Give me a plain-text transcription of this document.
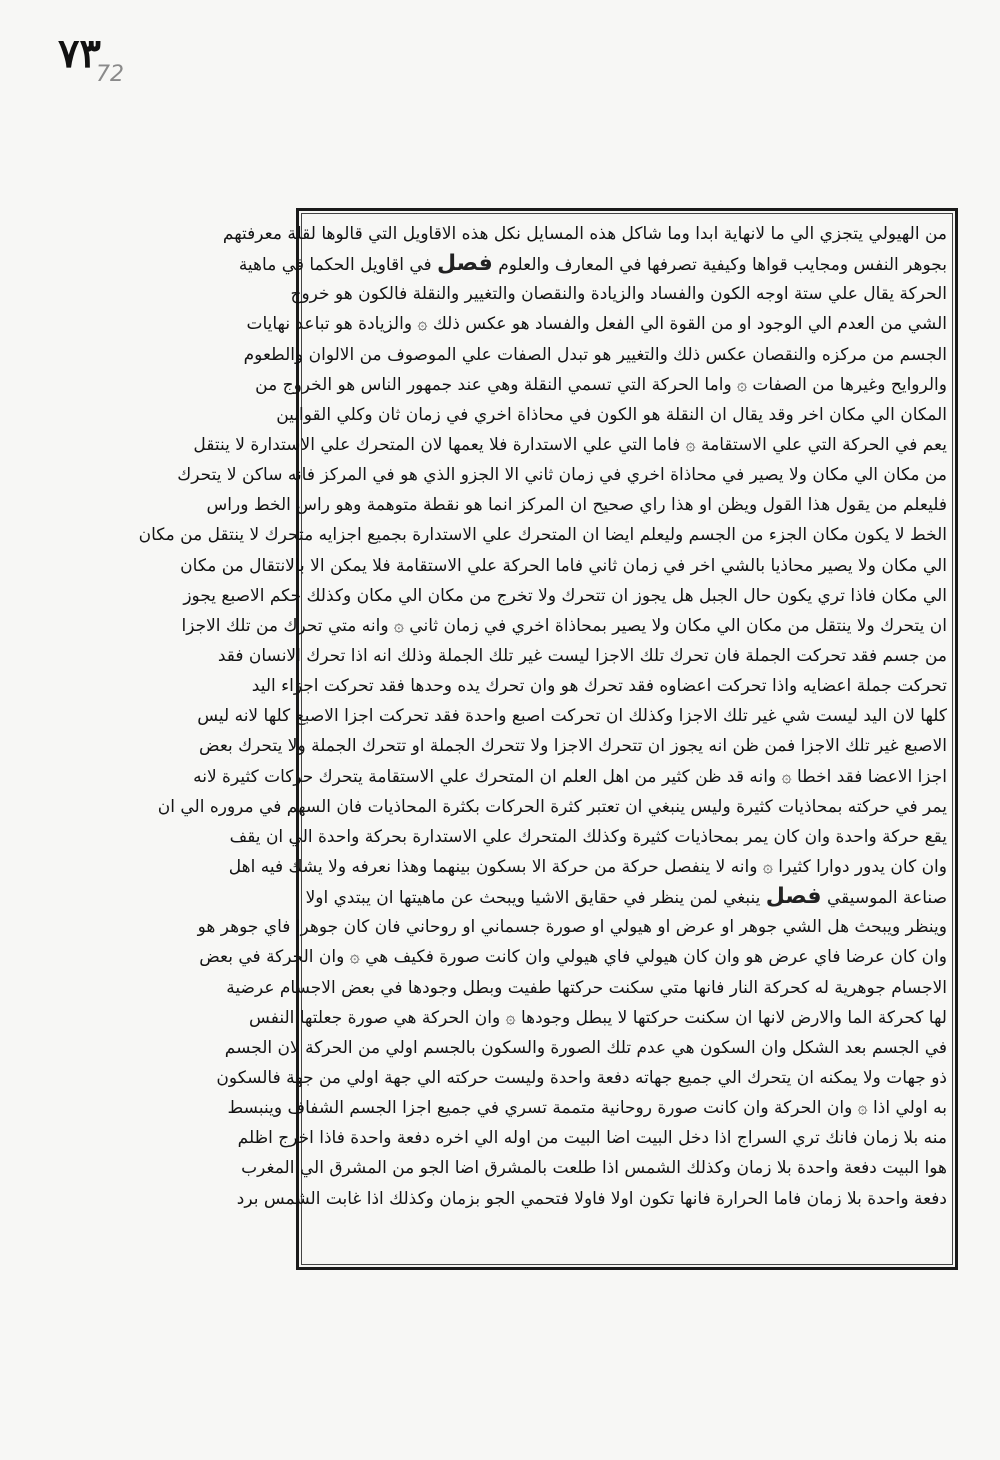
٧٣
72
من الهيولي يتجزي الي ما لانهاية ابدا وما شاكل هذه المسايل نكل هذه الاقاويل التي قالوها لقلة معرفتهم
بجوهر النفس ومجايب قواها وكيفية تصرفها في المعارف والعلوم فصل في اقاويل الحكما في ماهية
الحركة يقال علي ستة اوجه الكون والفساد والزيادة والنقصان والتغيير والنقلة فالكون هو خروج
الشي من العدم الي الوجود او من القوة الي الفعل والفساد هو عكس ذلك ۞ والزيادة هو تباعد نهايات
الجسم من مركزه والنقصان عكس ذلك والتغيير هو تبدل الصفات علي الموصوف من الالوان والطعوم
والروايح وغيرها من الصفات ۞ واما الحركة التي تسمي النقلة وهي عند جمهور الناس هو الخروج من
المكان الي مكان اخر وقد يقال ان النقلة هو الكون في محاذاة اخري في زمان ثان وكلي القوابين
يعم في الحركة التي علي الاستقامة ۞ فاما التي علي الاستدارة فلا يعمها لان المتحرك علي الاستدارة لا ينتقل
من مكان الي مكان ولا يصير في محاذاة اخري في زمان ثاني الا الجزو الذي هو في المركز فانه ساكن لا يتحرك
فليعلم من يقول هذا القول ويظن او هذا راي صحيح ان المركز انما هو نقطة متوهمة وهو راس الخط وراس
الخط لا يكون مكان الجزء من الجسم وليعلم ايضا ان المتحرك علي الاستدارة بجميع اجزايه متحرك لا ينتقل من مكان
الي مكان ولا يصير محاذيا بالشي اخر في زمان ثاني فاما الحركة علي الاستقامة فلا يمكن الا بالانتقال من مكان
الي مكان فاذا تري يكون حال الجبل هل يجوز ان تتحرك ولا تخرج من مكان الي مكان وكذلك حكم الاصبع يجوز
ان يتحرك ولا ينتقل من مكان الي مكان ولا يصير بمحاذاة اخري في زمان ثاني ۞ وانه متي تحرك من تلك الاجزا
من جسم فقد تحركت الجملة فان تحرك تلك الاجزا ليست غير تلك الجملة وذلك انه اذا تحرك الانسان فقد
تحركت جملة اعضايه واذا تحركت اعضاوه فقد تحرك هو وان تحرك يده وحدها فقد تحركت اجزاء اليد
كلها لان اليد ليست شي غير تلك الاجزا وكذلك ان تحركت اصبع واحدة فقد تحركت اجزا الاصبع كلها لانه ليس
الاصبع غير تلك الاجزا فمن ظن انه يجوز ان تتحرك الاجزا ولا تتحرك الجملة او تتحرك الجملة ولا يتحرك بعض
اجزا الاعضا فقد اخطا ۞ وانه قد ظن كثير من اهل العلم ان المتحرك علي الاستقامة يتحرك حركات كثيرة لانه
يمر في حركته بمحاذيات كثيرة وليس ينبغي ان تعتبر كثرة الحركات بكثرة المحاذيات فان السهم في مروره الي ان
يقع حركة واحدة وان كان يمر بمحاذيات كثيرة وكذلك المتحرك علي الاستدارة بحركة واحدة الي ان يقف
وان كان يدور دوارا كثيرا ۞ وانه لا ينفصل حركة من حركة الا بسكون بينهما وهذا نعرفه ولا يشك فيه اهل
صناعة الموسيقي فصل ينبغي لمن ينظر في حقايق الاشيا ويبحث عن ماهيتها ان يبتدي اولا
وينظر ويبحث هل الشي جوهر او عرض او هيولي او صورة جسماني او روحاني فان كان جوهرا فاي جوهر هو
وان كان عرضا فاي عرض هو وان كان هيولي فاي هيولي وان كانت صورة فكيف هي ۞ وان الحركة في بعض
الاجسام جوهرية له كحركة النار فانها متي سكنت حركتها طفيت وبطل وجودها في بعض الاجسام عرضية
لها كحركة الما والارض لانها ان سكنت حركتها لا يبطل وجودها ۞ وان الحركة هي صورة جعلتها النفس
في الجسم بعد الشكل وان السكون هي عدم تلك الصورة والسكون بالجسم اولي من الحركة لان الجسم
ذو جهات ولا يمكنه ان يتحرك الي جميع جهاته دفعة واحدة وليست حركته الي جهة اولي من جهة فالسكون
به اولي اذا ۞ وان الحركة وان كانت صورة روحانية متممة تسري في جميع اجزا الجسم الشفاف وينبسط
منه بلا زمان فانك تري السراج اذا دخل البيت اضا البيت من اوله الي اخره دفعة واحدة فاذا اخرج اظلم
هوا البيت دفعة واحدة بلا زمان وكذلك الشمس اذا طلعت بالمشرق اضا الجو من المشرق الي المغرب
دفعة واحدة بلا زمان فاما الحرارة فانها تكون اولا فاولا فتحمي الجو بزمان وكذلك اذا غابت الشمس برد
